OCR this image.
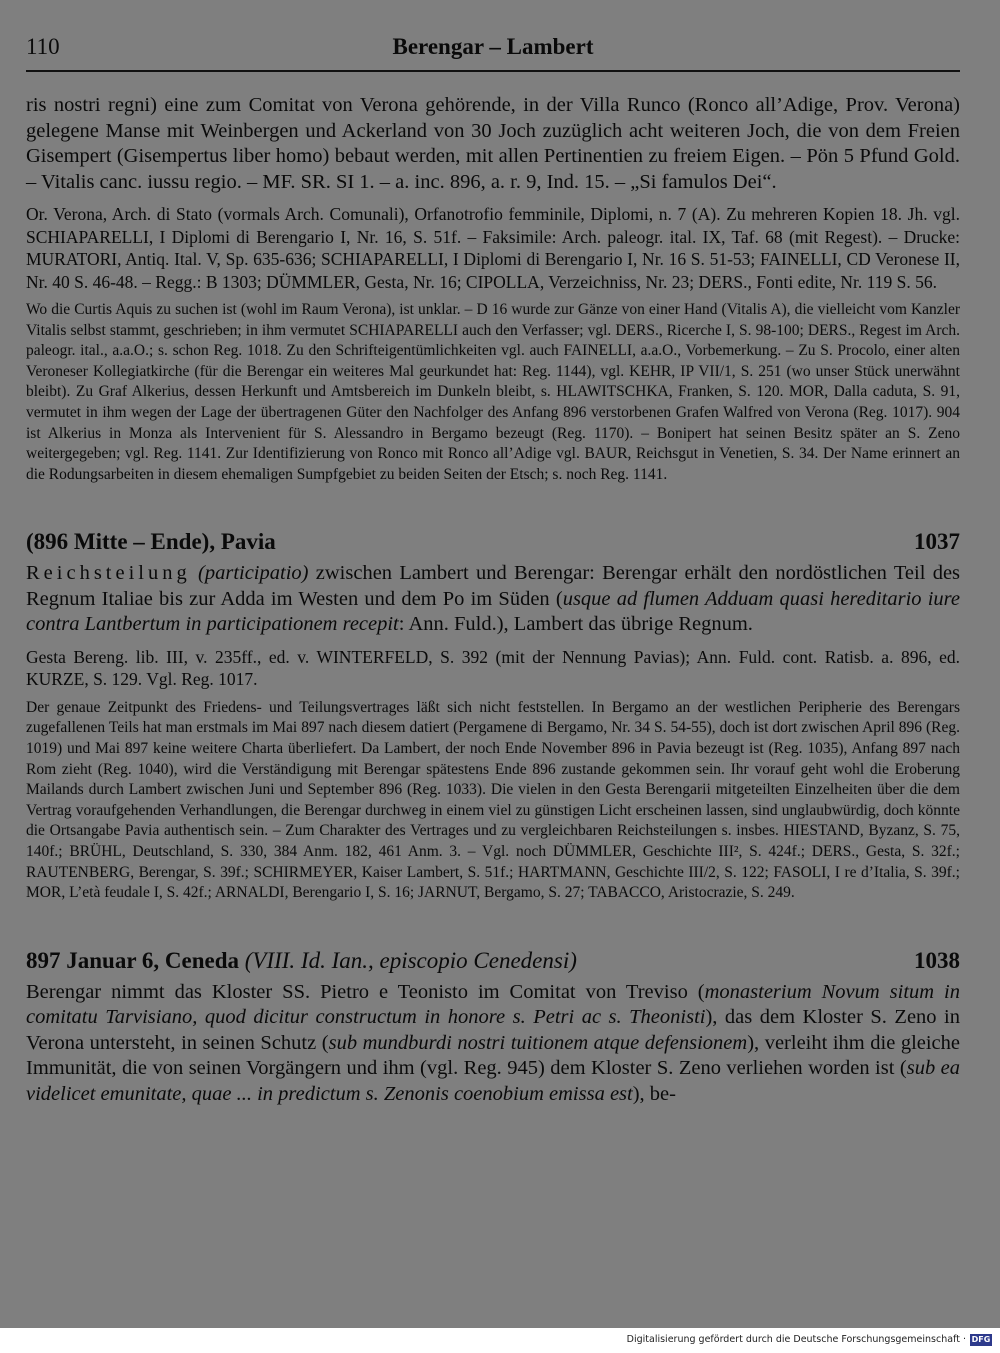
110	Berengar – Lambert

ris nostri regni) eine zum Comitat von Verona gehörende, in der Villa Runco (Ronco all’Adige, Prov. Verona) gelegene Manse mit Weinbergen und Ackerland von 30 Joch zuzüglich acht weiteren Joch, die von dem Freien Gisempert (Gisempertus liber homo) bebaut werden, mit allen Pertinentien zu freiem Eigen. – Pön 5 Pfund Gold. – Vitalis canc. iussu regio. – MF. SR. SI 1. – a. inc. 896, a. r. 9, Ind. 15. – „Si famulos Dei“.

Or. Verona, Arch. di Stato (vormals Arch. Comunali), Orfanotrofio femminile, Diplomi, n. 7 (A). Zu mehreren Kopien 18. Jh. vgl. SCHIAPARELLI, I Diplomi di Berengario I, Nr. 16, S. 51f. – Faksimile: Arch. paleogr. ital. IX, Taf. 68 (mit Regest). – Drucke: MURATORI, Antiq. Ital. V, Sp. 635-636; SCHIAPARELLI, I Diplomi di Berengario I, Nr. 16 S. 51-53; FAINELLI, CD Veronese II, Nr. 40 S. 46-48. – Regg.: B 1303; DÜMMLER, Gesta, Nr. 16; CIPOLLA, Verzeichniss, Nr. 23; DERS., Fonti edite, Nr. 119 S. 56.

Wo die Curtis Aquis zu suchen ist (wohl im Raum Verona), ist unklar. – D 16 wurde zur Gänze von einer Hand (Vitalis A), die vielleicht vom Kanzler Vitalis selbst stammt, geschrieben; in ihm vermutet SCHIAPARELLI auch den Verfasser; vgl. DERS., Ricerche I, S. 98-100; DERS., Regest im Arch. paleogr. ital., a.a.O.; s. schon Reg. 1018. Zu den Schrifteigentümlichkeiten vgl. auch FAINELLI, a.a.O., Vorbemerkung. – Zu S. Procolo, einer alten Veroneser Kollegiatkirche (für die Berengar ein weiteres Mal geurkundet hat: Reg. 1144), vgl. KEHR, IP VII/1, S. 251 (wo unser Stück unerwähnt bleibt). Zu Graf Alkerius, dessen Herkunft und Amtsbereich im Dunkeln bleibt, s. HLAWITSCHKA, Franken, S. 120. MOR, Dalla caduta, S. 91, vermutet in ihm wegen der Lage der übertragenen Güter den Nachfolger des Anfang 896 verstorbenen Grafen Walfred von Verona (Reg. 1017). 904 ist Alkerius in Monza als Intervenient für S. Alessandro in Bergamo bezeugt (Reg. 1170). – Bonipert hat seinen Besitz später an S. Zeno weitergegeben; vgl. Reg. 1141. Zur Identifizierung von Ronco mit Ronco all’Adige vgl. BAUR, Reichsgut in Venetien, S. 34. Der Name erinnert an die Rodungsarbeiten in diesem ehemaligen Sumpfgebiet zu beiden Seiten der Etsch; s. noch Reg. 1141.

(896 Mitte – Ende), Pavia	1037

Reichsteilung (participatio) zwischen Lambert und Berengar: Berengar erhält den nordöstlichen Teil des Regnum Italiae bis zur Adda im Westen und dem Po im Süden (usque ad flumen Adduam quasi hereditario iure contra Lantbertum in participationem recepit: Ann. Fuld.), Lambert das übrige Regnum.

Gesta Bereng. lib. III, v. 235ff., ed. v. WINTERFELD, S. 392 (mit der Nennung Pavias); Ann. Fuld. cont. Ratisb. a. 896, ed. KURZE, S. 129. Vgl. Reg. 1017.

Der genaue Zeitpunkt des Friedens- und Teilungsvertrages läßt sich nicht feststellen. In Bergamo an der westlichen Peripherie des Berengars zugefallenen Teils hat man erstmals im Mai 897 nach diesem datiert (Pergamene di Bergamo, Nr. 34 S. 54-55), doch ist dort zwischen April 896 (Reg. 1019) und Mai 897 keine weitere Charta überliefert. Da Lambert, der noch Ende November 896 in Pavia bezeugt ist (Reg. 1035), Anfang 897 nach Rom zieht (Reg. 1040), wird die Verständigung mit Berengar spätestens Ende 896 zustande gekommen sein. Ihr vorauf geht wohl die Eroberung Mailands durch Lambert zwischen Juni und September 896 (Reg. 1033). Die vielen in den Gesta Berengarii mitgeteilten Einzelheiten über die dem Vertrag voraufgehenden Verhandlungen, die Berengar durchweg in einem viel zu günstigen Licht erscheinen lassen, sind unglaubwürdig, doch könnte die Ortsangabe Pavia authentisch sein. – Zum Charakter des Vertrages und zu vergleichbaren Reichsteilungen s. insbes. HIESTAND, Byzanz, S. 75, 140f.; BRÜHL, Deutschland, S. 330, 384 Anm. 182, 461 Anm. 3. – Vgl. noch DÜMMLER, Geschichte III², S. 424f.; DERS., Gesta, S. 32f.; RAUTENBERG, Berengar, S. 39f.; SCHIRMEYER, Kaiser Lambert, S. 51f.; HARTMANN, Geschichte III/2, S. 122; FASOLI, I re d’Italia, S. 39f.; MOR, L’età feudale I, S. 42f.; ARNALDI, Berengario I, S. 16; JARNUT, Bergamo, S. 27; TABACCO, Aristocrazie, S. 249.

897 Januar 6, Ceneda (VIII. Id. Ian., episcopio Cenedensi)	1038

Berengar nimmt das Kloster SS. Pietro e Teonisto im Comitat von Treviso (monasterium Novum situm in comitatu Tarvisiano, quod dicitur constructum in honore s. Petri ac s. Theonisti), das dem Kloster S. Zeno in Verona untersteht, in seinen Schutz (sub mundburdi nostri tuitionem atque defensionem), verleiht ihm die gleiche Immunität, die von seinen Vorgängern und ihm (vgl. Reg. 945) dem Kloster S. Zeno verliehen worden ist (sub ea videlicet emunitate, quae ... in predictum s. Zenonis coenobium emissa est), be-

Digitalisierung gefördert durch die Deutsche Forschungsgemeinschaft · DFG
